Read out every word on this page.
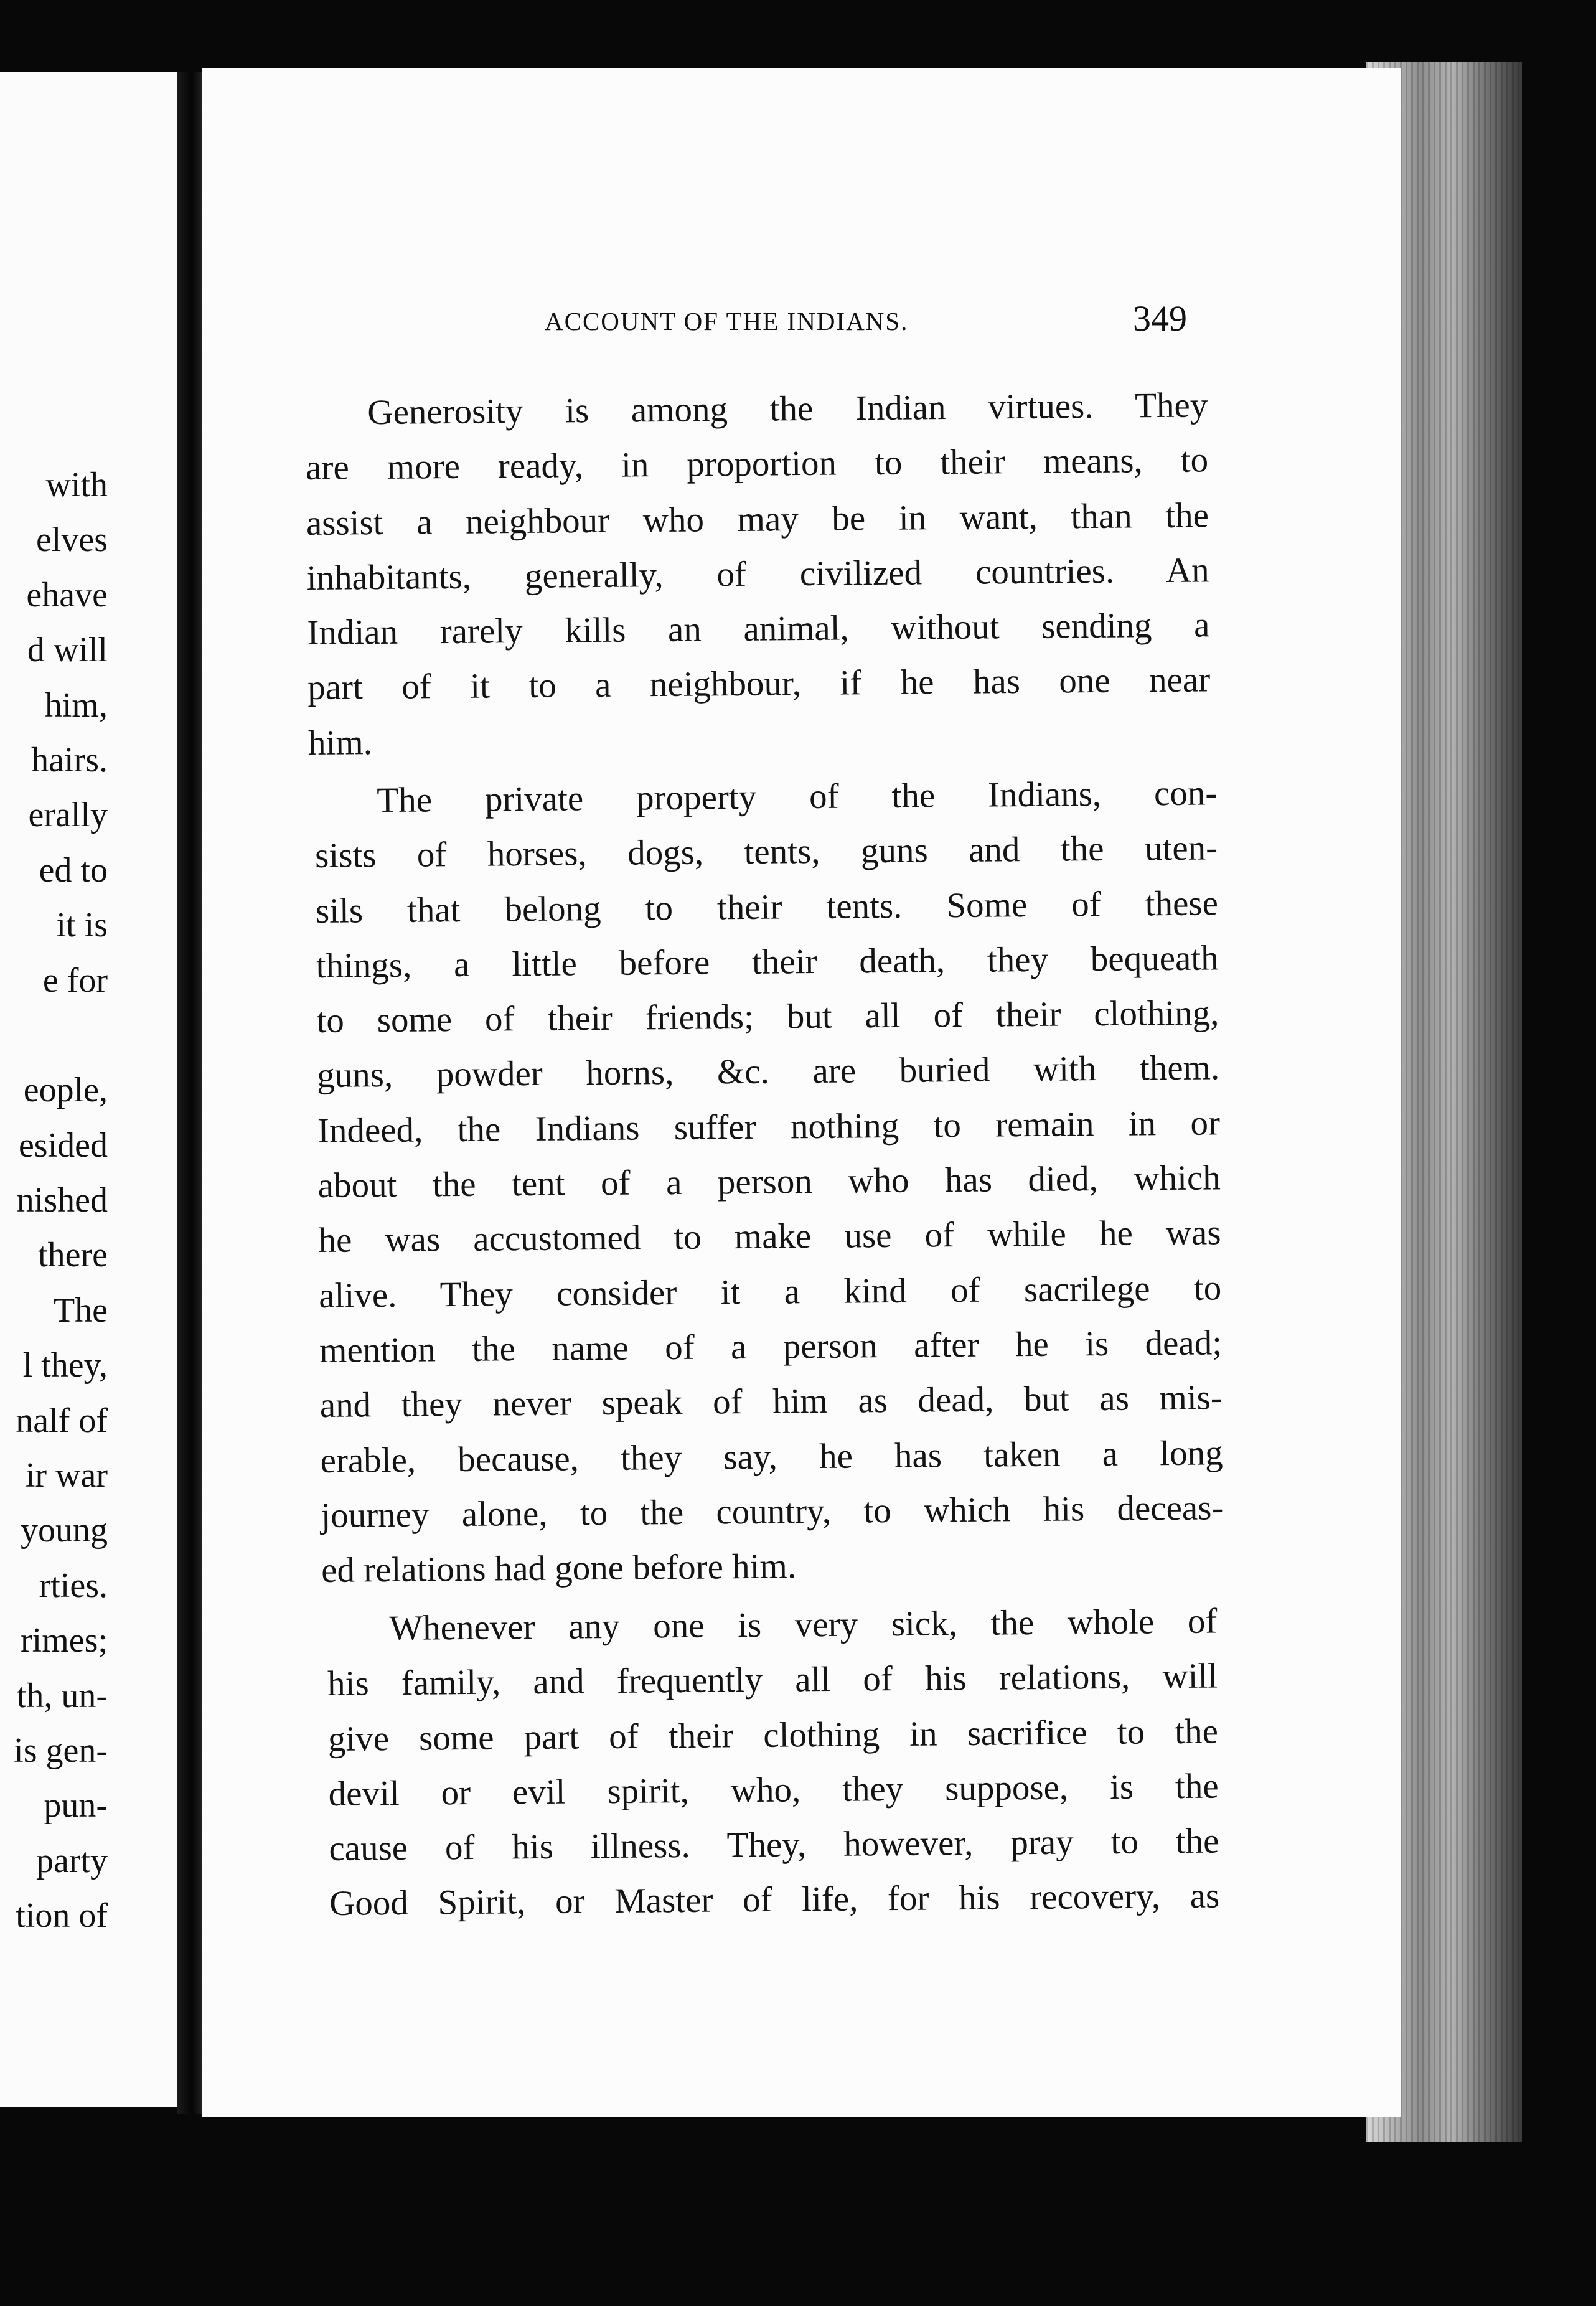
with
elves
ehave
d will
him,
hairs.
erally
ed to
it is
e for
eople,
esided
nished
there
The
l they,
nalf of
ir war
young
rties.
rimes;
th, un-
is gen-
pun-
party
tion of
ACCOUNT OF THE INDIANS.	349

Generosity is among the Indian virtues. They
are more ready, in proportion to their means, to
assist a neighbour who may be in want, than the
inhabitants, generally, of civilized countries. An
Indian rarely kills an animal, without sending a
part of it to a neighbour, if he has one near
him.

The private property of the Indians, con-
sists of horses, dogs, tents, guns and the uten-
sils that belong to their tents. Some of these
things, a little before their death, they bequeath
to some of their friends; but all of their clothing,
guns, powder horns, &c. are buried with them.
Indeed, the Indians suffer nothing to remain in or
about the tent of a person who has died, which
he was accustomed to make use of while he was
alive. They consider it a kind of sacrilege to
mention the name of a person after he is dead;
and they never speak of him as dead, but as mis-
erable, because, they say, he has taken a long
journey alone, to the country, to which his deceas-
ed relations had gone before him.

Whenever any one is very sick, the whole of
his family, and frequently all of his relations, will
give some part of their clothing in sacrifice to the
devil or evil spirit, who, they suppose, is the
cause of his illness. They, however, pray to the
Good Spirit, or Master of life, for his recovery, as
